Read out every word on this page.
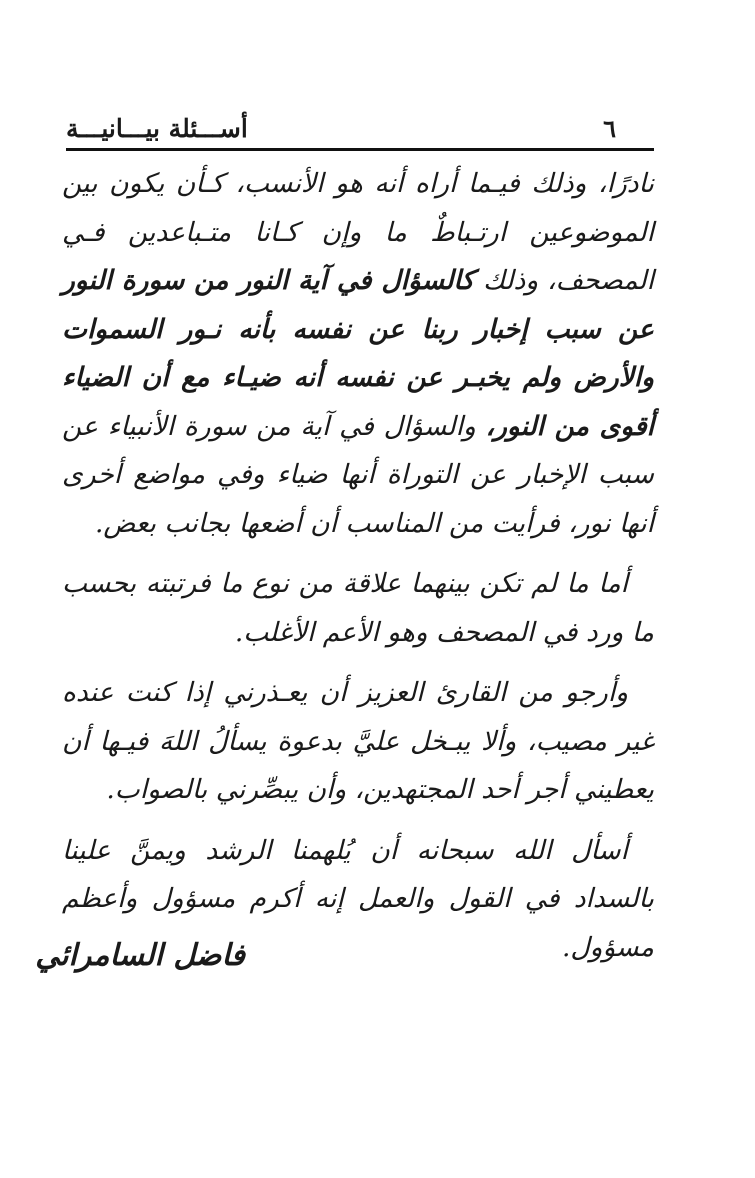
أســـئلة بيـــانيـــة	٦

نادرًا، وذلك فيـما أراه أنه هو الأنسب، كـأن يكون بين الموضوعين ارتـباطٌ ما وإن كـانا متـباعدين فـي المصحف، وذلك كالسؤال في آية النور من سورة النور عن سبب إخبار ربنا عن نفسه بأنه نـور السموات والأرض ولم يخبـر عن نفسه أنه ضيـاء مع أن الضياء أقوى من النور، والسؤال في آية من سورة الأنبياء عن سبب الإخبار عن التوراة أنها ضياء وفي مواضع أخرى أنها نور، فرأيت من المناسب أن أضعها بجانب بعض.

أما ما لم تكن بينهما علاقة من نوع ما فرتبته بحسب ما ورد في المصحف وهو الأعم الأغلب.

وأرجو من القارئ العزيز أن يعـذرني إذا كنت عنده غير مصيب، وألا يبـخل عليَّ بدعوة يسألُ اللهَ فيـها أن يعطيني أجر أحد المجتهدين، وأن يبصِّرني بالصواب.

أسأل الله سبحانه أن يُلهمنا الرشد ويمنَّ علينا بالسداد في القول والعمل إنه أكرم مسؤول وأعظم مسؤول.

فاضل السامرائي
